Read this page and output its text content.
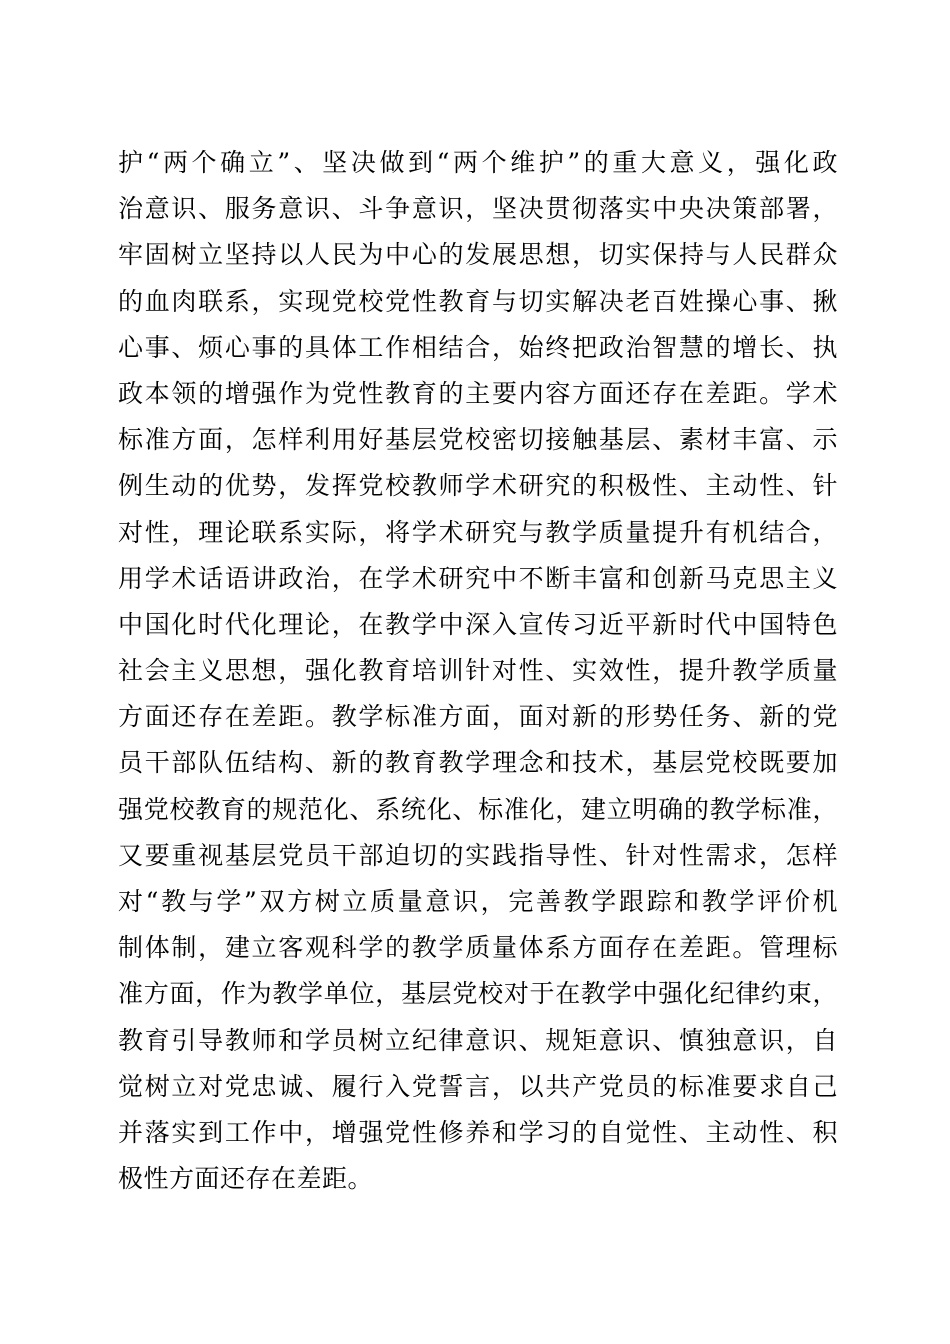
护“两个确立”、坚决做到“两个维护”的重大意义，强化政
治意识、服务意识、斗争意识，坚决贯彻落实中央决策部署，
牢固树立坚持以人民为中心的发展思想，切实保持与人民群众
的血肉联系，实现党校党性教育与切实解决老百姓操心事、揪
心事、烦心事的具体工作相结合，始终把政治智慧的增长、执
政本领的增强作为党性教育的主要内容方面还存在差距。学术
标准方面，怎样利用好基层党校密切接触基层、素材丰富、示
例生动的优势，发挥党校教师学术研究的积极性、主动性、针
对性，理论联系实际，将学术研究与教学质量提升有机结合，
用学术话语讲政治，在学术研究中不断丰富和创新马克思主义
中国化时代化理论，在教学中深入宣传习近平新时代中国特色
社会主义思想，强化教育培训针对性、实效性，提升教学质量
方面还存在差距。教学标准方面，面对新的形势任务、新的党
员干部队伍结构、新的教育教学理念和技术，基层党校既要加
强党校教育的规范化、系统化、标准化，建立明确的教学标准，
又要重视基层党员干部迫切的实践指导性、针对性需求，怎样
对“教与学”双方树立质量意识，完善教学跟踪和教学评价机
制体制，建立客观科学的教学质量体系方面存在差距。管理标
准方面，作为教学单位，基层党校对于在教学中强化纪律约束，
教育引导教师和学员树立纪律意识、规矩意识、慎独意识，自
觉树立对党忠诚、履行入党誓言，以共产党员的标准要求自己
并落实到工作中，增强党性修养和学习的自觉性、主动性、积
极性方面还存在差距。
